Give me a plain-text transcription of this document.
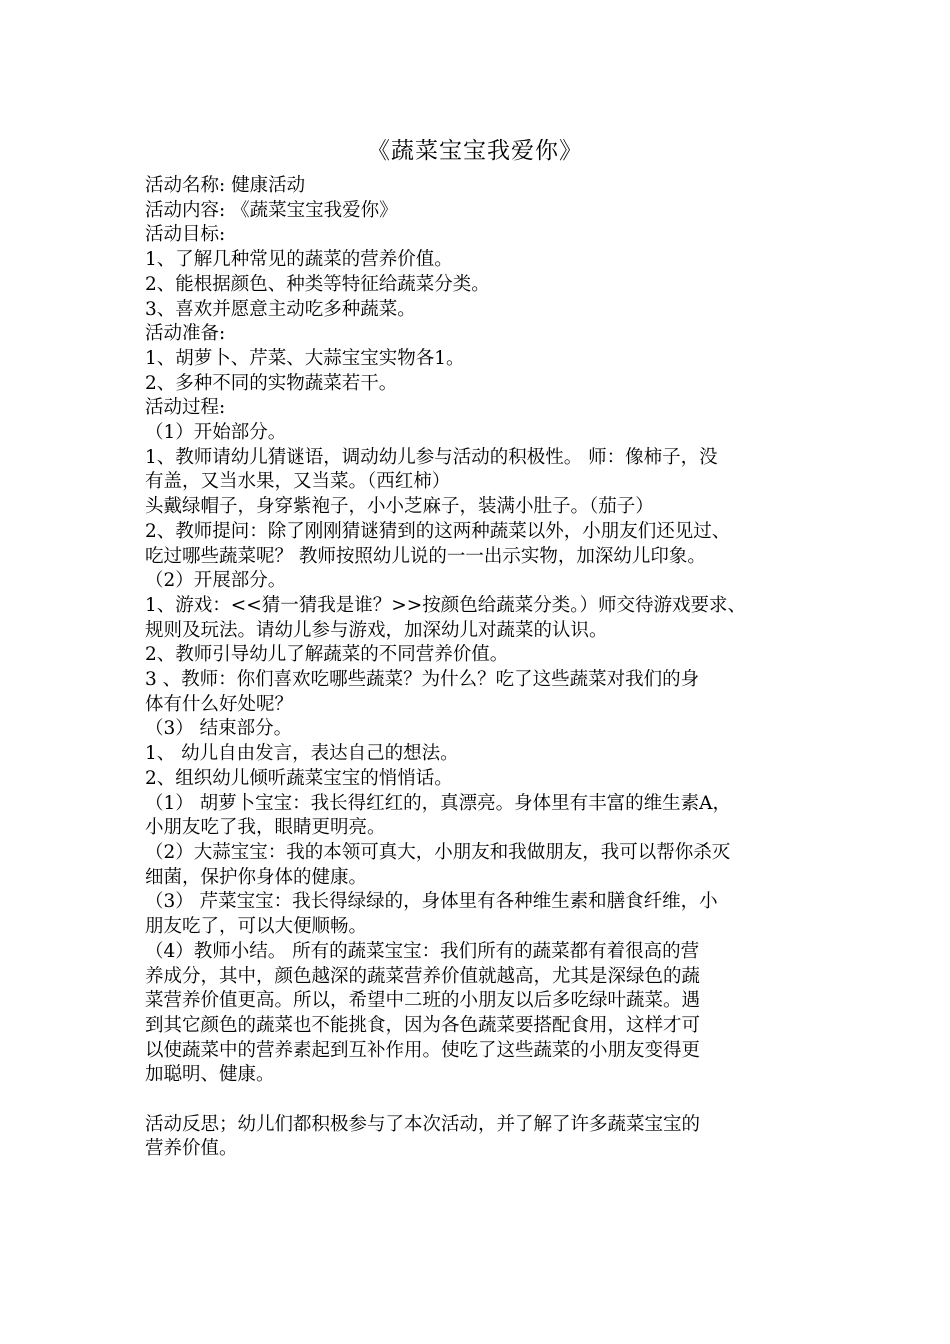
《蔬菜宝宝我爱你》

活动名称: 健康活动

活动内容: 《蔬菜宝宝我爱你》

活动目标:

1、了解几种常见的蔬菜的营养价值。

2、能根据颜色、种类等特征给蔬菜分类。

3、喜欢并愿意主动吃多种蔬菜。

活动准备:

1、胡萝卜、芹菜、大蒜宝宝实物各1。

2、多种不同的实物蔬菜若干。

活动过程:

（1）开始部分。

1、教师请幼儿猜谜语，调动幼儿参与活动的积极性。 师：像柿子，没

有盖，又当水果，又当菜。（西红柿）

头戴绿帽子，身穿紫袍子，小小芝麻子，装满小肚子。（茄子）

2、教师提问：除了刚刚猜谜猜到的这两种蔬菜以外，小朋友们还见过、

吃过哪些蔬菜呢？ 教师按照幼儿说的一一出示实物，加深幼儿印象。

（2）开展部分。

1、游戏：<<猜一猜我是谁？>>按颜色给蔬菜分类。）师交待游戏要求、

规则及玩法。请幼儿参与游戏，加深幼儿对蔬菜的认识。

2、教师引导幼儿了解蔬菜的不同营养价值。

3 、教师：你们喜欢吃哪些蔬菜？为什么？吃了这些蔬菜对我们的身

体有什么好处呢？

（3） 结束部分。

1、 幼儿自由发言，表达自己的想法。

2、组织幼儿倾听蔬菜宝宝的悄悄话。

（1） 胡萝卜宝宝：我长得红红的，真漂亮。身体里有丰富的维生素A，

小朋友吃了我，眼睛更明亮。

（2）大蒜宝宝：我的本领可真大，小朋友和我做朋友，我可以帮你杀灭

细菌，保护你身体的健康。

（3） 芹菜宝宝：我长得绿绿的，身体里有各种维生素和膳食纤维，小

朋友吃了，可以大便顺畅。

（4）教师小结。 所有的蔬菜宝宝：我们所有的蔬菜都有着很高的营

养成分，其中，颜色越深的蔬菜营养价值就越高，尤其是深绿色的蔬

菜营养价值更高。所以，希望中二班的小朋友以后多吃绿叶蔬菜。遇

到其它颜色的蔬菜也不能挑食，因为各色蔬菜要搭配食用，这样才可

以使蔬菜中的营养素起到互补作用。使吃了这些蔬菜的小朋友变得更

加聪明、健康。

活动反思；幼儿们都积极参与了本次活动，并了解了许多蔬菜宝宝的

营养价值。
